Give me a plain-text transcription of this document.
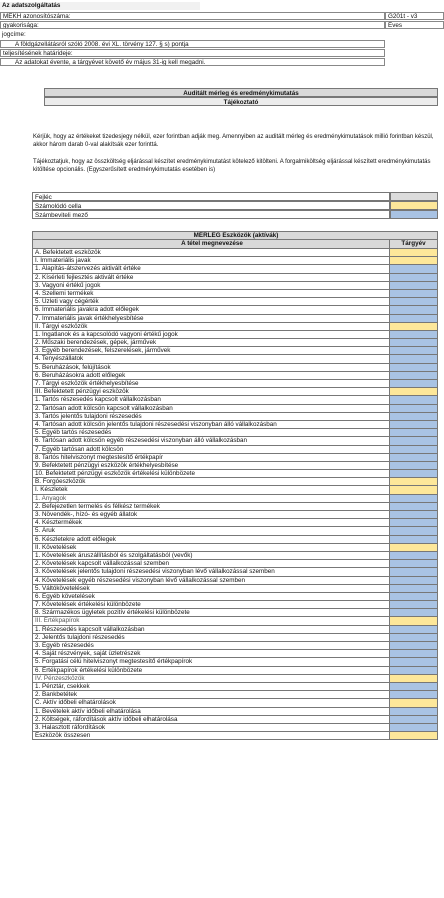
Az adatszolgáltatás
MEKH azonosítószáma:	G201t - v3
gyakorisága:	Éves
jogcíme:
A földgázellátásról szóló 2008. évi XL. törvény 127. § s) pontja
teljesítésének határideje:
Az adatokat évente, a tárgyévet követő év május 31-ig kell megadni.
Auditált mérleg és eredménykimutatás
Tájékoztató
Kérjük, hogy az értékeket tizedesjegy nélkül, ezer forintban adják meg. Amennyiben az auditált mérleg és eredménykimutatások millió forintban készül, akkor három darab 0-val alakítsák ezer forinttá.
Tájékoztatjuk, hogy az összköltség eljárással készítet eredménykimutatást kötelező kitölteni. A forgalmiköltség eljárással készített eredménykimutatás kitöltése opcionális. (Egyszerűsített eredménykimutatás esetében is)
Fejléc
Számolódó cella
Számbeviteli mező
MÉRLEG Eszközök (aktívák)
A tétel megnevezése	Tárgyév
A. Befektetett eszközök
I. Immateriális javak
1. Alapítás-átszervezés aktivált értéke
2. Kísérleti fejlesztés aktivált értéke
3. Vagyoni értékű jogok
4. Szellemi termékek
5. Üzleti vagy cégérték
6. Immateriális javakra adott előlegek
7. Immateriális javak értékhelyesbítése
II. Tárgyi eszközök
1. Ingatlanok és a kapcsolódó vagyoni értékű jogok
2. Műszaki berendezések, gépek, járművek
3. Egyéb berendezések, felszerelések, járművek
4. Tenyészállatok
5. Beruházások, felújítások
6. Beruházásokra adott előlegek
7. Tárgyi eszközök értékhelyesbítése
III. Befektetett pénzügyi eszközök
1. Tartós részesedés kapcsolt vállalkozásban
2. Tartósan adott kölcsön kapcsolt vállalkozásban
3. Tartós jelentős tulajdoni részesedés
4. Tartósan adott kölcsön jelentős tulajdoni részesedési viszonyban álló vállalkozásban
5. Egyéb tartós részesedés
6. Tartósan adott kölcsön egyéb részesedési viszonyban álló vállalkozásban
7. Egyéb tartósan adott kölcsön
8. Tartós hitelviszonyt megtestesítő értékpapír
9. Befektetett pénzügyi eszközök értékhelyesbítése
10. Befektetett pénzügyi eszközök értékelési különbözete
B. Forgóeszközök
I. Készletek
1. Anyagok
2. Befejezetlen termelés és félkész termékek
3. Növendék-, hízó- és egyéb állatok
4. Késztermékek
5. Áruk
6. Készletekre adott előlegek
II. Követelések
1. Követelések áruszállításból és szolgáltatásból (vevők)
2. Követelések kapcsolt vállalkozással szemben
3. Követelések jelentős tulajdoni részesedési viszonyban lévő vállalkozással szemben
4. Követelések egyéb részesedési viszonyban lévő vállalkozással szemben
5. Váltókövetelések
6. Egyéb követelések
7. Követelések értékelési különbözete
8. Származékos ügyletek pozitív értékelési különbözete
III. Értékpapírok
1. Részesedés kapcsolt vállalkozásban
2. Jelentős tulajdoni részesedés
3. Egyéb részesedés
4. Saját részvények, saját üzletrészek
5. Forgatási célú hitelviszonyt megtestesítő értékpapírok
6. Értékpapírok értékelési különbözete
IV. Pénzeszközök
1. Pénztár, csekkek
2. Bankbetétek
C. Aktív időbeli elhatárolások
1. Bevételek aktív időbeli elhatárolása
2. Költségek, ráfordítások aktív időbeli elhatárolása
3. Halasztott ráfordítások
Eszközök összesen
